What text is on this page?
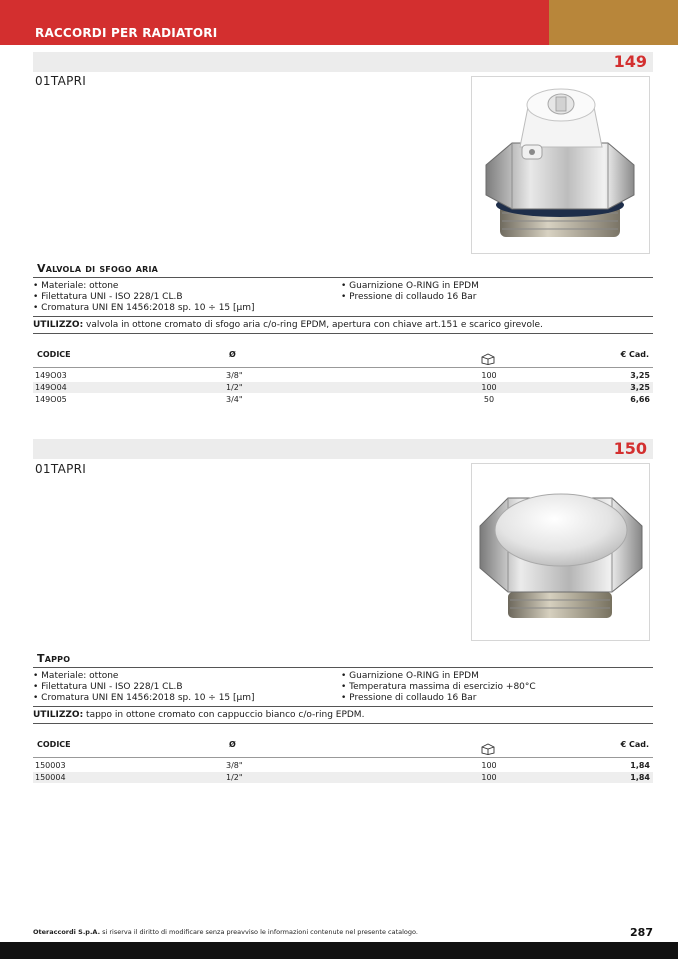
RACCORDI PER RADIATORI
149
01TAPRI
Valvola di sfogo aria
• Materiale: ottone
• Filettatura UNI - ISO 228/1 CL.B
• Cromatura UNI EN 1456:2018 sp. 10 ÷ 15 [μm]
• Guarnizione O-RING in EPDM
• Pressione di collaudo 16 Bar
UTILIZZO: valvola in ottone cromato di sfogo aria c/o-ring EPDM, apertura con chiave art.151 e scarico girevole.
CODICE	Ø	€ Cad.
149O03	3/8"	100	3,25
149O04	1/2"	100	3,25
149O05	3/4"	50	6,66
150
01TAPRI
Tappo
• Materiale: ottone
• Filettatura UNI - ISO 228/1 CL.B
• Cromatura UNI EN 1456:2018 sp. 10 ÷ 15 [μm]
• Guarnizione O-RING in EPDM
• Temperatura massima di esercizio +80°C
• Pressione di collaudo 16 Bar
UTILIZZO: tappo in ottone cromato con cappuccio bianco c/o-ring EPDM.
CODICE	Ø	€ Cad.
150003	3/8"	100	1,84
150004	1/2"	100	1,84
Oteraccordi S.p.A. si riserva il diritto di modificare senza preavviso le informazioni contenute nel presente catalogo.	287
